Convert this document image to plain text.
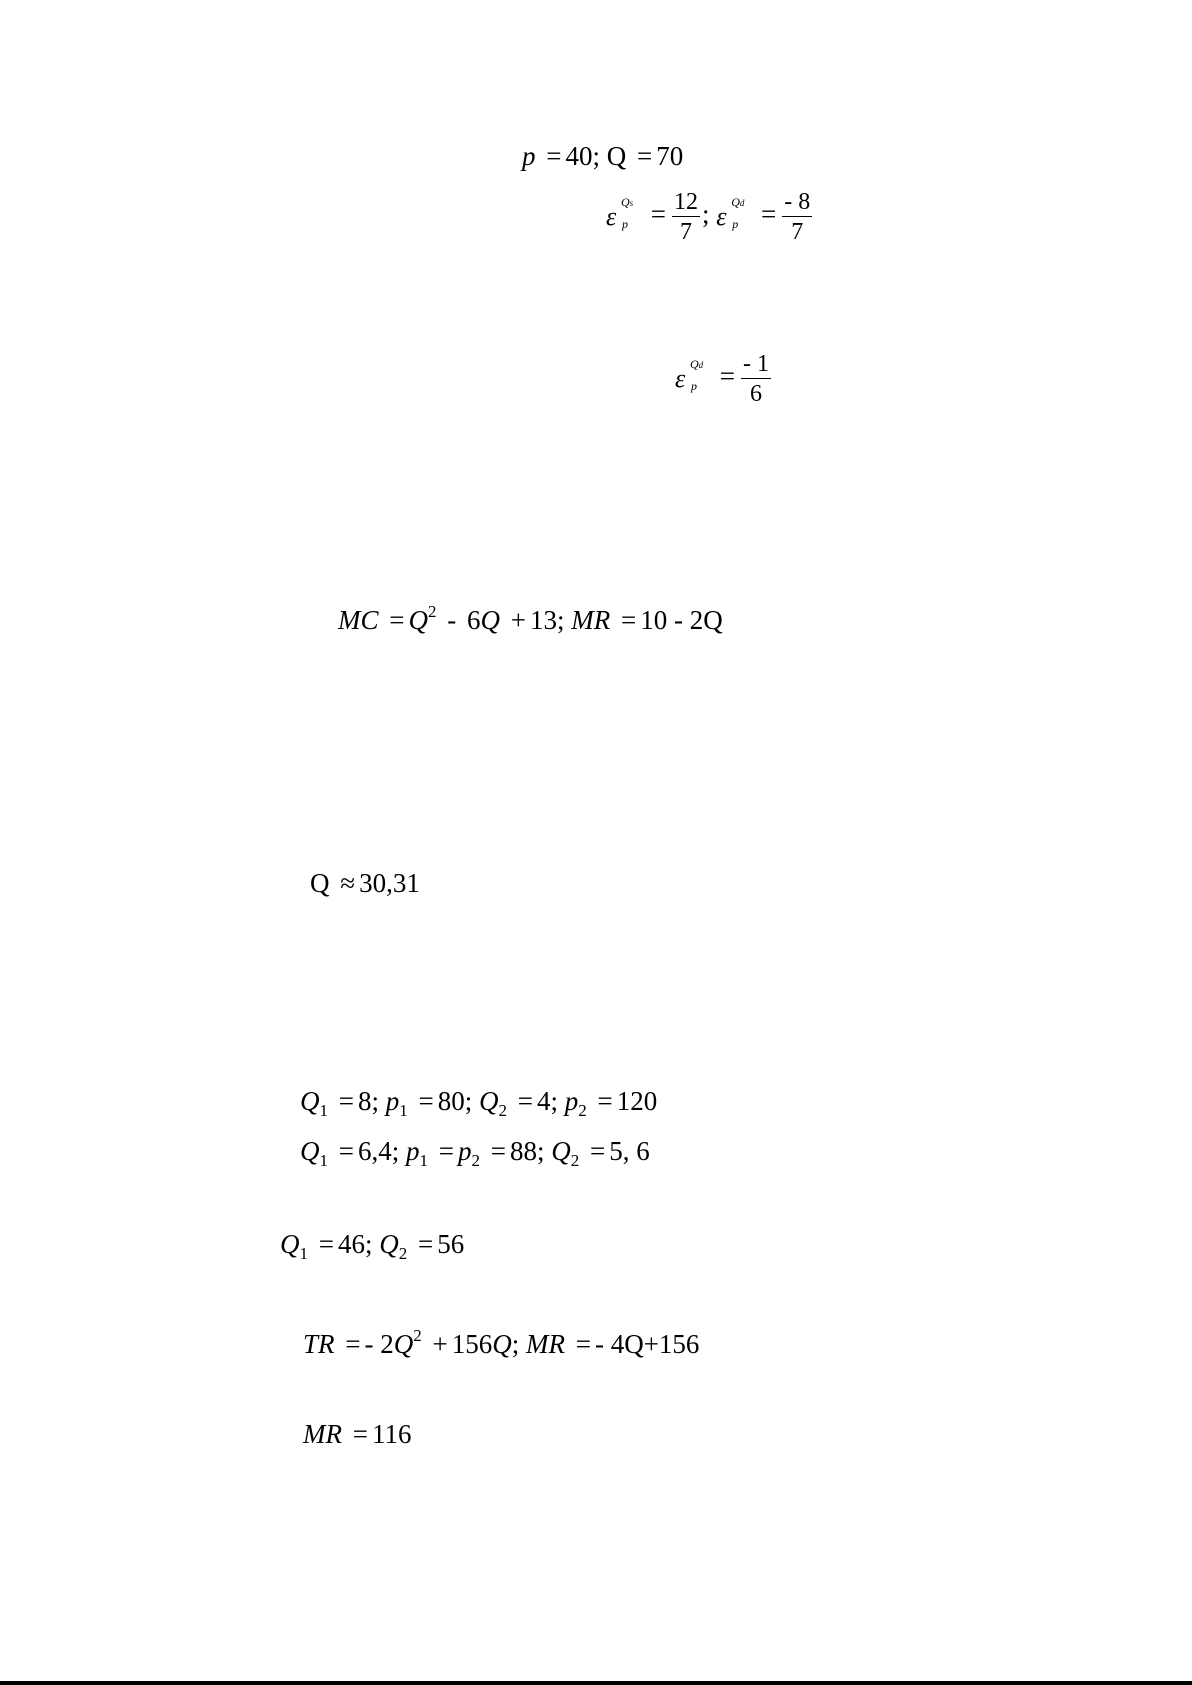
p = 40; Q = 70
ε Qs
$p = \frac{12}{7}$ ; ε Qd
$p = \frac{- 8}{7}$
ε Qd
$p = \frac{- 1}{6}$
MC = $Q^2 - 6Q + 13$; MR = 10 - 2Q
Q ≈ 30,31
$Q_1 = 8$; $p_1 = 80$; $Q_2 = 4$; $p_2 = 120$
$Q_1 = 6,4$; $p_1 = p_2 = 88$; $Q_2 = 5$, 6
$Q_1 = 46$; $Q_2 = 56$
TR = - $2Q^2 + 156Q$; MR = - 4Q+156
MR = 116
